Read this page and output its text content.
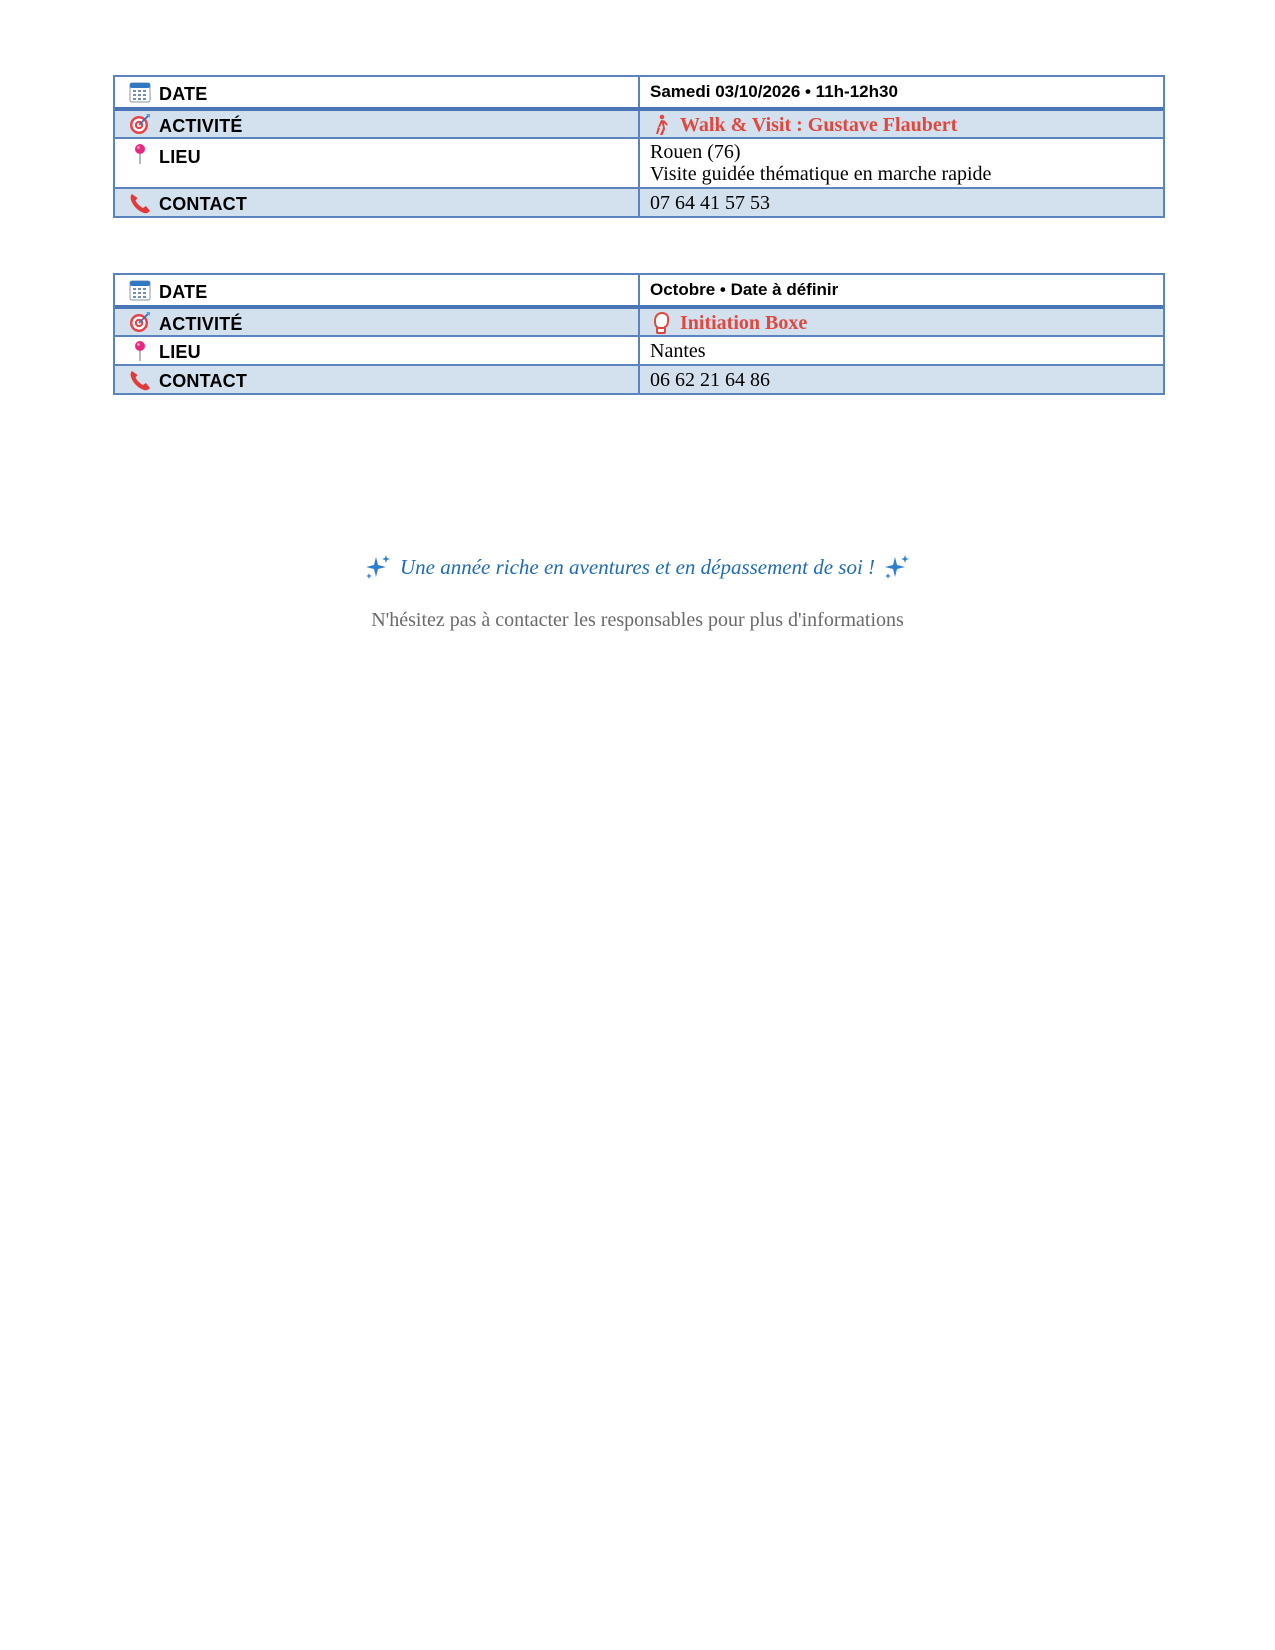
DATE	Samedi 03/10/2026 • 11h-12h30
ACTIVITÉ	Walk & Visit : Gustave Flaubert
LIEU	Rouen (76)
Visite guidée thématique en marche rapide
CONTACT	07 64 41 57 53
DATE	Octobre • Date à définir
ACTIVITÉ	Initiation Boxe
LIEU	Nantes
CONTACT	06 62 21 64 86
Une année riche en aventures et en dépassement de soi !
N'hésitez pas à contacter les responsables pour plus d'informations
